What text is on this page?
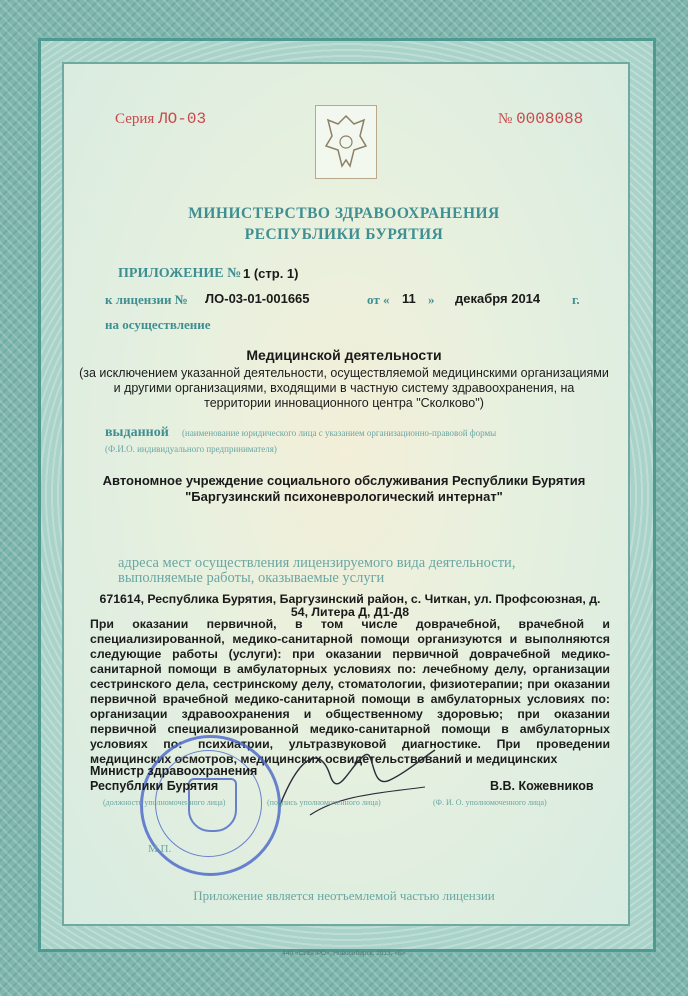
Серия ЛО-03	№ 0008088
МИНИСТЕРСТВО ЗДРАВООХРАНЕНИЯ
РЕСПУБЛИКИ БУРЯТИЯ
ПРИЛОЖЕНИЕ № 1 (стр. 1)
к лицензии № ЛО-03-01-001665	от « 11 » декабря 2014 г.
на осуществление
Медицинской деятельности
(за исключением указанной деятельности, осуществляемой медицинскими организациями
и другими организациями, входящими в частную систему здравоохранения, на
территории инновационного центра "Сколково")
выданной (наименование юридического лица с указанием организационно-правовой формы
(Ф.И.О. индивидуального предпринимателя)
Автономное учреждение социального обслуживания Республики Бурятия
"Баргузинский психоневрологический интернат"
адреса мест осуществления лицензируемого вида деятельности,
выполняемые работы, оказываемые услуги
671614, Республика Бурятия, Баргузинский район, с. Читкан, ул. Профсоюзная, д.
54, Литера Д, Д1-Д8
При оказании первичной, в том числе доврачебной, врачебной и специализированной, медико-санитарной помощи организуются и выполняются следующие работы (услуги): при оказании первичной доврачебной медико-санитарной помощи в амбулаторных условиях по: лечебному делу, организации сестринского дела, сестринскому делу, стоматологии, физиотерапии; при оказании первичной врачебной медико-санитарной помощи в амбулаторных условиях по: организации здравоохранения и общественному здоровью; при оказании первичной специализированной медико-санитарной помощи в амбулаторных условиях по: психиатрии, ультразвуковой диагностике. При проведении медицинских осмотров, медицинских освидетельствований и медицинских
Министр здравоохранения
Республики Бурятия	В.В. Кожевников
(должность уполномоченного лица)	(подпись уполномоченного лица)	(Ф. И. О. уполномоченного лица)
М.П.
Приложение является неотъемлемой частью лицензии
440 «СИБПРО», Новосибирск, 2013, «Б»
